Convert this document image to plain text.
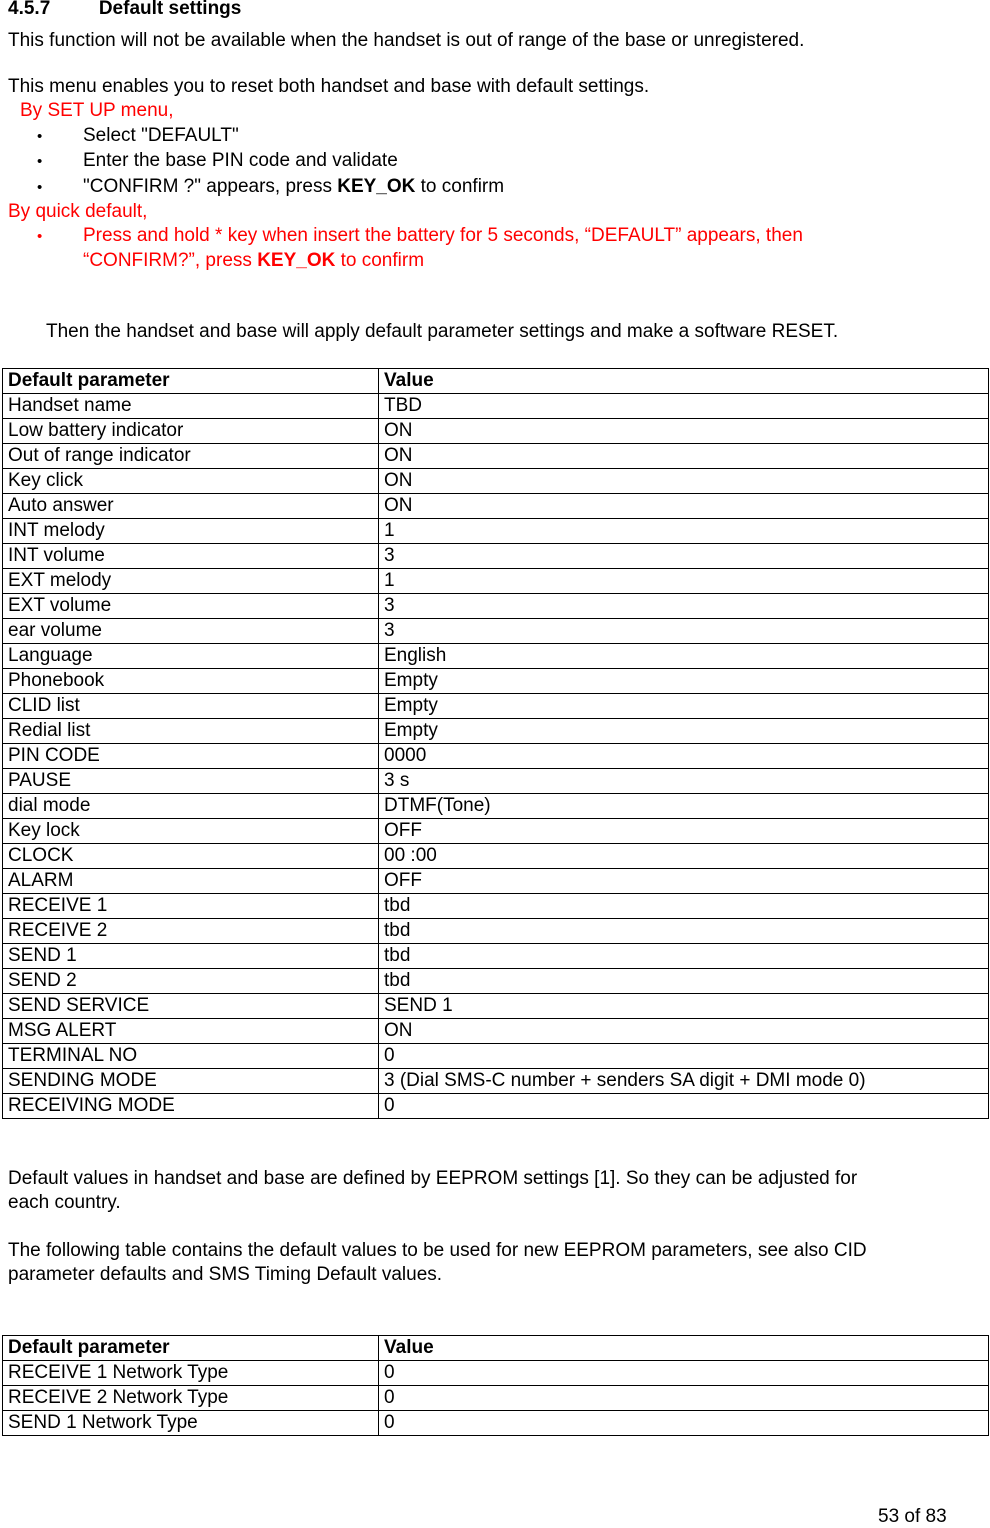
4.5.7	Default settings
This function will not be available when the handset is out of range of the base or unregistered.
This menu enables you to reset both handset and base with default settings.
By SET UP menu,
• Select "DEFAULT"
• Enter the base PIN code and validate
• "CONFIRM ?" appears, press KEY_OK to confirm
By quick default,
• Press and hold * key when insert the battery for 5 seconds, “DEFAULT” appears, then
“CONFIRM?”, press KEY_OK to confirm
Then the handset and base will apply default parameter settings and make a software RESET.
Default parameter	Value
Handset name	TBD
Low battery indicator	ON
Out of range indicator	ON
Key click	ON
Auto answer	ON
INT melody	1
INT volume	3
EXT melody	1
EXT volume	3
ear volume	3
Language	English
Phonebook	Empty
CLID list	Empty
Redial list	Empty
PIN CODE	0000
PAUSE	3 s
dial mode	DTMF(Tone)
Key lock	OFF
CLOCK	00 :00
ALARM	OFF
RECEIVE 1	tbd
RECEIVE 2	tbd
SEND 1	tbd
SEND 2	tbd
SEND SERVICE	SEND 1
MSG ALERT	ON
TERMINAL NO	0
SENDING MODE	3 (Dial SMS-C number + senders SA digit + DMI mode 0)
RECEIVING MODE	0
Default values in handset and base are defined by EEPROM settings [1]. So they can be adjusted for
each country.
The following table contains the default values to be used for new EEPROM parameters, see also CID
parameter defaults and SMS Timing Default values.
Default parameter	Value
RECEIVE 1 Network Type	0
RECEIVE 2 Network Type	0
SEND 1 Network Type	0
53 of 83
